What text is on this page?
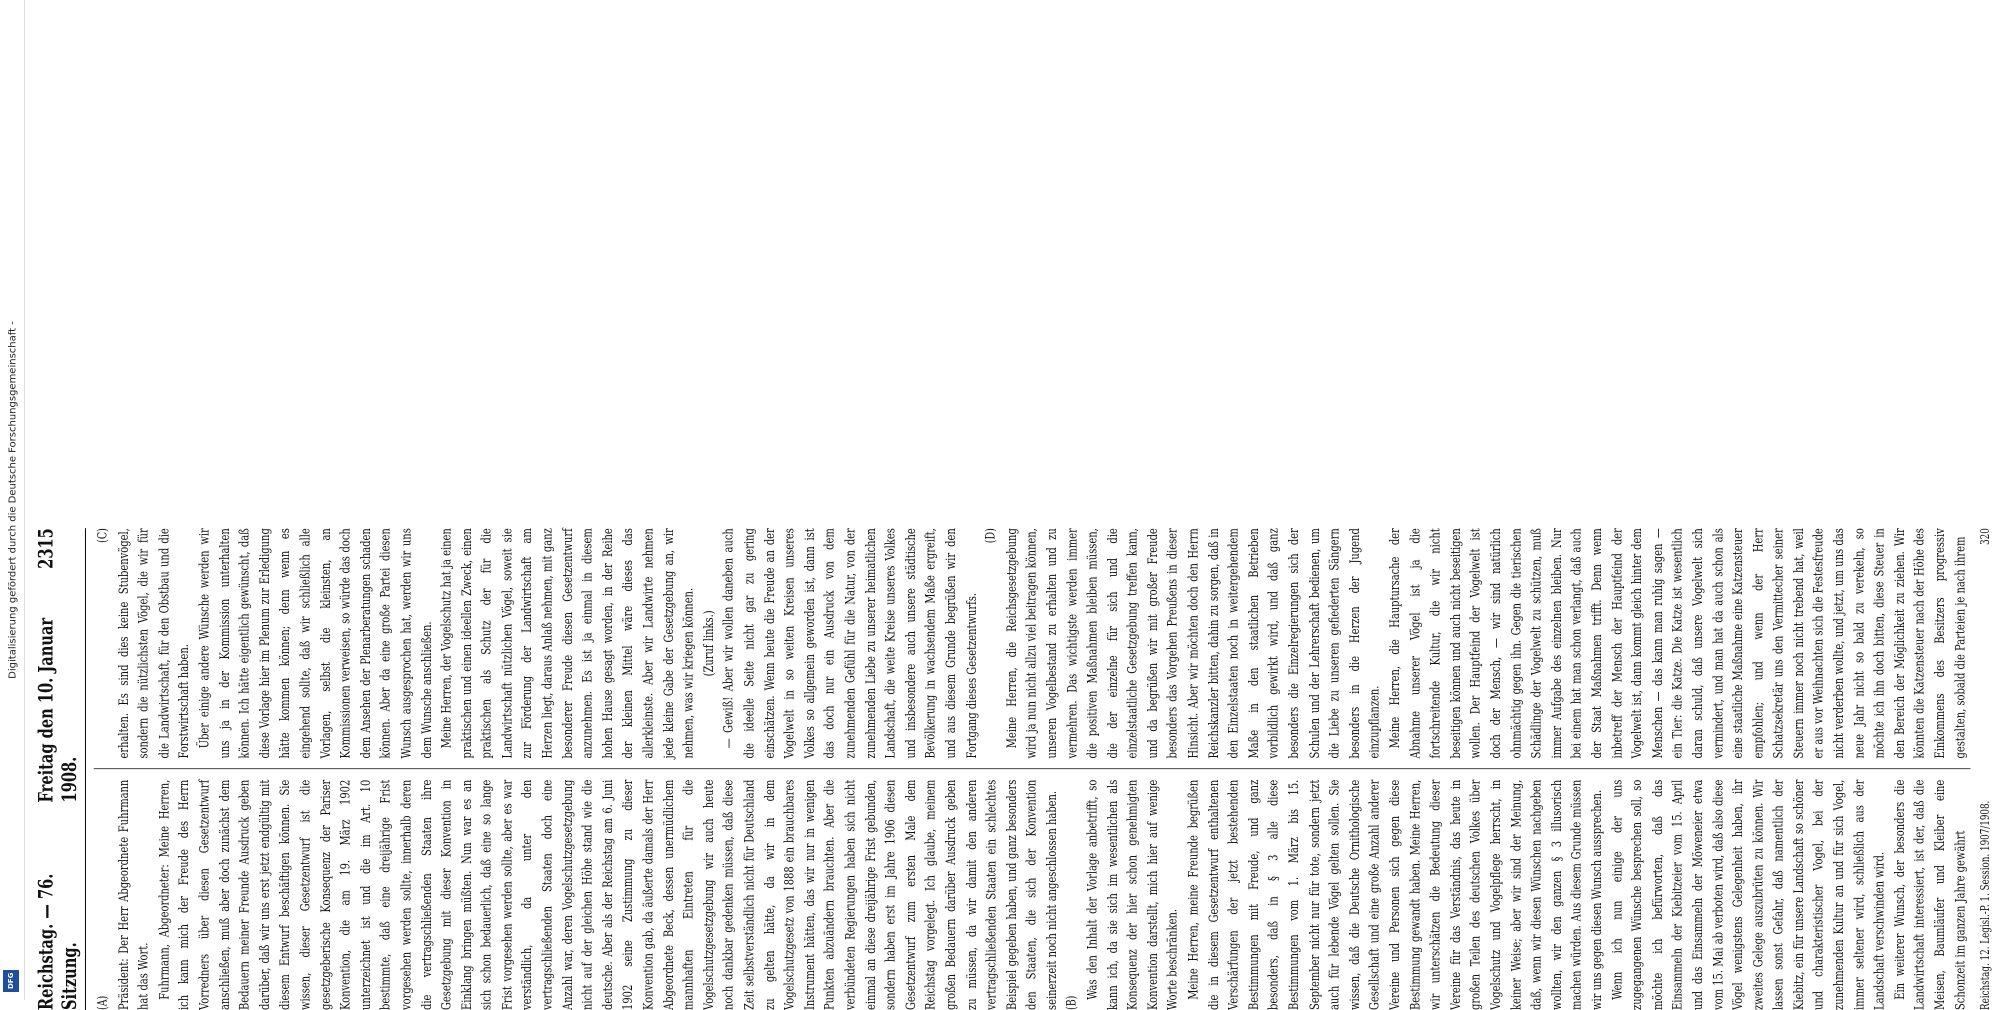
Digitalisierung gefördert durch die Deutsche Forschungsgemeinschaft -
DFG Reichstag. — 76. Sitzung.
Freitag den 10. Januar 1908.
2315
(A) Präsident: Der Herr Abgeordnete Fuhrmann hat das Wort. Fuhrmann, Abgeordneter: Meine Herren, ich kann mich der Freude des Herrn Vorredners über diesen Gesetzentwurf anschließen, muß aber doch zunächst dem Bedauern meiner Freunde Ausdruck geben darüber, daß wir uns erst jetzt endgültig mit diesem Entwurf beschäftigen können. Sie wissen, dieser Gesetzentwurf ist die gesetzgeberische Konsequenz der Pariser Konvention, die am 19. März 1902 unterzeichnet ist und die im Art. 10 bestimmte, daß eine dreijährige Frist vorgesehen werden sollte, innerhalb deren die vertragschließenden Staaten ihre Gesetzgebung mit dieser Konvention in Einklang bringen müßten. Nun war es an sich schon bedauerlich, daß eine so lange Frist vorgesehen werden sollte, aber es war verständlich, da unter den vertragschließenden Staaten doch eine Anzahl war, deren Vogelschutzgesetzgebung nicht auf der gleichen Höhe stand wie die deutsche. Aber als der Reichstag am 6. Juni 1902 seine Zustimmung zu dieser Konvention gab, da äußerte damals der Herr Abgeordnete Beck, dessen unermüdlichem mannhaften Eintreten für die Vogelschutzgesetzgebung wir auch heute noch dankbar gedenken müssen, daß diese Zeit selbstverständlich nicht für Deutschland zu gelten hätte, da wir in dem Vogelschutzgesetz von 1888 ein brauchbares Instrument hätten, das wir nur in wenigen Punkten abzuändern brauchten. Aber die verbündeten Regierungen haben sich nicht einmal an diese dreijährige Frist gebunden, sondern haben erst im Jahre 1906 diesen Gesetzentwurf zum ersten Male dem Reichstag vorgelegt. Ich glaube, meinem großen Bedauern darüber Ausdruck geben zu müssen, da wir damit den anderen vertragschließenden Staaten ein schlechtes Beispiel gegeben haben, und ganz besonders den Staaten, die sich der Konvention seinerzeit noch nicht angeschlossen haben. (B)

Was den Inhalt der Vorlage anbetrifft, so kann ich, da sie sich im wesentlichen als Konsequenz der hier schon genehmigten Konvention darstellt, mich hier auf wenige Worte beschränken. Meine Herren, meine Freunde begrüßen die in diesem Gesetzentwurf enthaltenen Verschärfungen der jetzt bestehenden Bestimmungen mit Freude, und ganz besonders, daß in § 3 alle diese Bestimmungen vom 1. März bis 15. September nicht nur für tote, sondern jetzt auch für lebende Vögel gelten sollen. Sie wissen, daß die Deutsche Ornithologische Gesellschaft und eine große Anzahl anderer Vereine und Personen sich gegen diese Bestimmung gewandt haben. Meine Herren, wir unterschätzen die Bedeutung dieser Vereine für das Verständnis, das heute in großen Teilen des deutschen Volkes über Vogelschutz und Vogelpflege herrscht, in keiner Weise; aber wir sind der Meinung, daß, wenn wir diesen Wünschen nachgeben wollten, wir den ganzen § 3 illusorisch machen würden. Aus diesem Grunde müssen wir uns gegen diesen Wunsch aussprechen. Wenn ich nun einige der uns zugegangenen Wünsche besprechen soll, so möchte ich befürworten, daß das Einsammeln der Kiebitzeier vom 15. April und das Einsammeln der Möweneier etwa vom 15. Mai ab verboten wird, daß also diese Vögel wenigstens Gelegenheit haben, ihr zweites Gelege auszubrüten zu können. Wir lassen sonst Gefahr, daß namentlich der Kiebitz, ein für unsere Landschaft so schöner und charakteristischer Vogel, bei der zunehmenden Kultur an und für sich Vogel, immer seltener wird, schließlich aus der Landschaft verschwinden wird. Ein weiterer Wunsch, der besonders die Landwirtschaft interessiert, ist der, daß die Meisen, Baumläufer und Kleiber eine Schonzeit im ganzen Jahre gewährt

(C) erhalten. Es sind dies keine Stubenvögel, sondern die nützlichsten Vögel, die wir für die Landwirtschaft, für den Obstbau und die Forstwirtschaft haben. Über einige andere Wünsche werden wir uns ja in der Kommission unterhalten können. Ich hätte eigentlich gewünscht, daß diese Vorlage hier im Plenum zur Erledigung hätte kommen können; denn wenn es eingehend sollte, daß wir schließlich alle Vorlagen, selbst die kleinsten, an Kommissionen verweisen, so würde das doch dem Ansehen der Plenarberatungen schaden können. Aber da eine große Partei diesen Wunsch ausgesprochen hat, werden wir uns dem Wunsche anschließen. Meine Herren, der Vogelschutz hat ja einen praktischen und einen ideellen Zweck, einen praktischen als Schutz der für die Landwirtschaft nützlichen Vögel, soweit sie zur Förderung der Landwirtschaft am Herzen liegt, daraus Anlaß nehmen, mit ganz besonderer Freude diesen Gesetzentwurf anzunehmen. Es ist ja einmal in diesem hohen Hause gesagt worden, in der Reihe der kleinen Mittel wäre dieses das allerkleinste. Aber wir Landwirte nehmen jede kleine Gabe der Gesetzgebung an, wir nehmen, was wir kriegen können. (Zuruf links.) — Gewiß! Aber wir wollen daneben auch die ideelle Seite nicht gar zu gering einschätzen. Wenn heute die Freude an der Vogelwelt in so weiten Kreisen unseres Volkes so allgemein geworden ist, dann ist das doch nur ein Ausdruck von dem zunehmenden Gefühl für die Natur, von der zunehmenden Liebe zu unserer heimatlichen Landschaft, die weite Kreise unseres Volkes und insbesondere auch unsere städtische Bevölkerung in wachsendem Maße ergreift, und aus diesem Grunde begrüßen wir den Fortgang dieses Gesetzentwurfs.

(D) Meine Herren, die Reichsgesetzgebung wird ja nun nicht allzu viel beitragen können, unseren Vogelbestand zu erhalten und zu vermehren. Das wichtigste werden immer die positiven Maßnahmen bleiben müssen, die der einzelne für sich und die einzelstaatliche Gesetzgebung treffen kann, und da begrüßen wir mit großer Freude besonders das Vorgehen Preußens in dieser Hinsicht. Aber wir möchten doch den Herrn Reichskanzler bitten, dahin zu sorgen, daß in den Einzelstaaten noch in weitergehendem Maße in den staatlichen Betrieben vorbildlich gewirkt wird, und daß ganz besonders die Einzelregierungen sich der Schulen und der Lehrerschaft bedienen, um die Liebe zu unseren gefiederten Sängern besonders in die Herzen der Jugend einzupflanzen. Meine Herren, die Hauptursache der Abnahme unserer Vögel ist ja die fortschreitende Kultur, die wir nicht beseitigen können und auch nicht beseitigen wollen. Der Hauptfeind der Vogelwelt ist doch der Mensch, — wir sind natürlich ohnmächtig gegen ihn. Gegen die tierischen Schädlinge der Vogelwelt zu schützen, muß immer Aufgabe des einzelnen bleiben. Nur bei einem hat man schon verlangt, daß auch der Staat Maßnahmen trifft. Denn wenn inbetreff der Mensch der Hauptfeind der Vogelwelt ist, dann kommt gleich hinter dem Menschen — das kann man ruhig sagen — ein Tier: die Katze. Die Katze ist wesentlich daran schuld, daß unsere Vogelwelt sich vermindert, und man hat da auch schon als eine staatliche Maßnahme eine Katzensteuer empfohlen; und wenn der Herr Schatzsekretär uns den Vermittecher seiner Steuern immer noch nicht trebend hat, weil er aus vor Weihnachten sich die Festesfreude nicht verderben wollte, und jetzt, um uns das neue Jahr nicht so bald zu verekeln, so möchte ich ihn doch bitten, diese Steuer in den Bereich der Möglichkeit zu ziehen. Wir könnten die Katzensteuer nach der Höhe des Einkommens des Besitzers progressiv gestalten, sobald die Parteien je nach ihrem

Reichstag. 12. Legisl.-P. 1. Session. 1907/1908.
320
